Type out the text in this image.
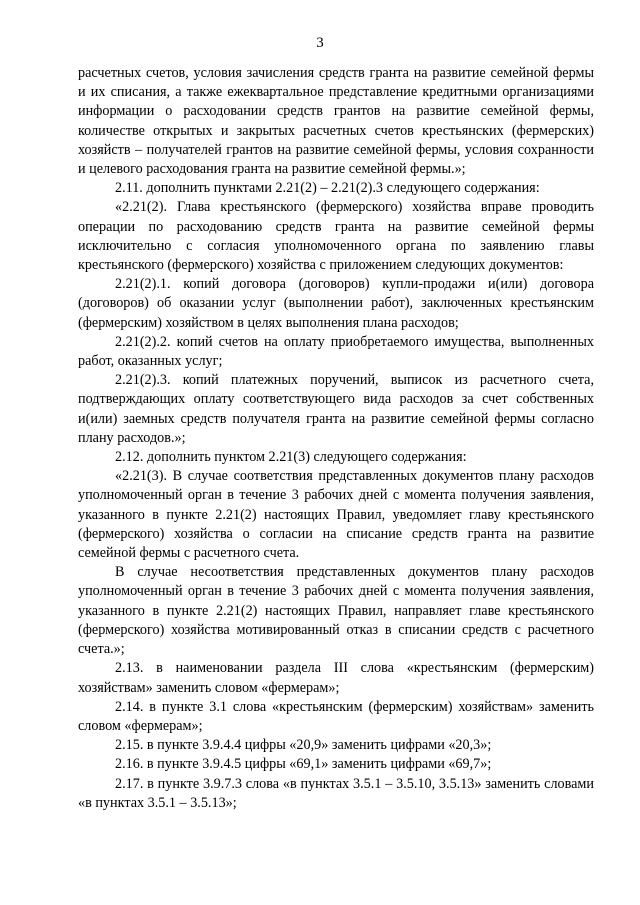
3

расчетных счетов, условия зачисления средств гранта на развитие семейной фермы и их списания, а также ежеквартальное представление кредитными организациями информации о расходовании средств грантов на развитие семейной фермы, количестве открытых и закрытых расчетных счетов крестьянских (фермерских) хозяйств – получателей грантов на развитие семейной фермы, условия сохранности и целевого расходования гранта на развитие семейной фермы.»;

2.11. дополнить пунктами 2.21(2) – 2.21(2).3 следующего содержания:

«2.21(2). Глава крестьянского (фермерского) хозяйства вправе проводить операции по расходованию средств гранта на развитие семейной фермы исключительно с согласия уполномоченного органа по заявлению главы крестьянского (фермерского) хозяйства с приложением следующих документов:

2.21(2).1. копий договора (договоров) купли-продажи и(или) договора (договоров) об оказании услуг (выполнении работ), заключенных крестьянским (фермерским) хозяйством в целях выполнения плана расходов;

2.21(2).2. копий счетов на оплату приобретаемого имущества, выполненных работ, оказанных услуг;

2.21(2).3. копий платежных поручений, выписок из расчетного счета, подтверждающих оплату соответствующего вида расходов за счет собственных и(или) заемных средств получателя гранта на развитие семейной фермы согласно плану расходов.»;

2.12. дополнить пунктом 2.21(3) следующего содержания:

«2.21(3). В случае соответствия представленных документов плану расходов уполномоченный орган в течение 3 рабочих дней с момента получения заявления, указанного в пункте 2.21(2) настоящих Правил, уведомляет главу крестьянского (фермерского) хозяйства о согласии на списание средств гранта на развитие семейной фермы с расчетного счета.

В случае несоответствия представленных документов плану расходов уполномоченный орган в течение 3 рабочих дней с момента получения заявления, указанного в пункте 2.21(2) настоящих Правил, направляет главе крестьянского (фермерского) хозяйства мотивированный отказ в списании средств с расчетного счета.»;

2.13. в наименовании раздела III слова «крестьянским (фермерским) хозяйствам» заменить словом «фермерам»;

2.14. в пункте 3.1 слова «крестьянским (фермерским) хозяйствам» заменить словом «фермерам»;

2.15. в пункте 3.9.4.4 цифры «20,9» заменить цифрами «20,3»;

2.16. в пункте 3.9.4.5 цифры «69,1» заменить цифрами «69,7»;

2.17. в пункте 3.9.7.3 слова «в пунктах 3.5.1 – 3.5.10, 3.5.13» заменить словами «в пунктах 3.5.1 – 3.5.13»;
